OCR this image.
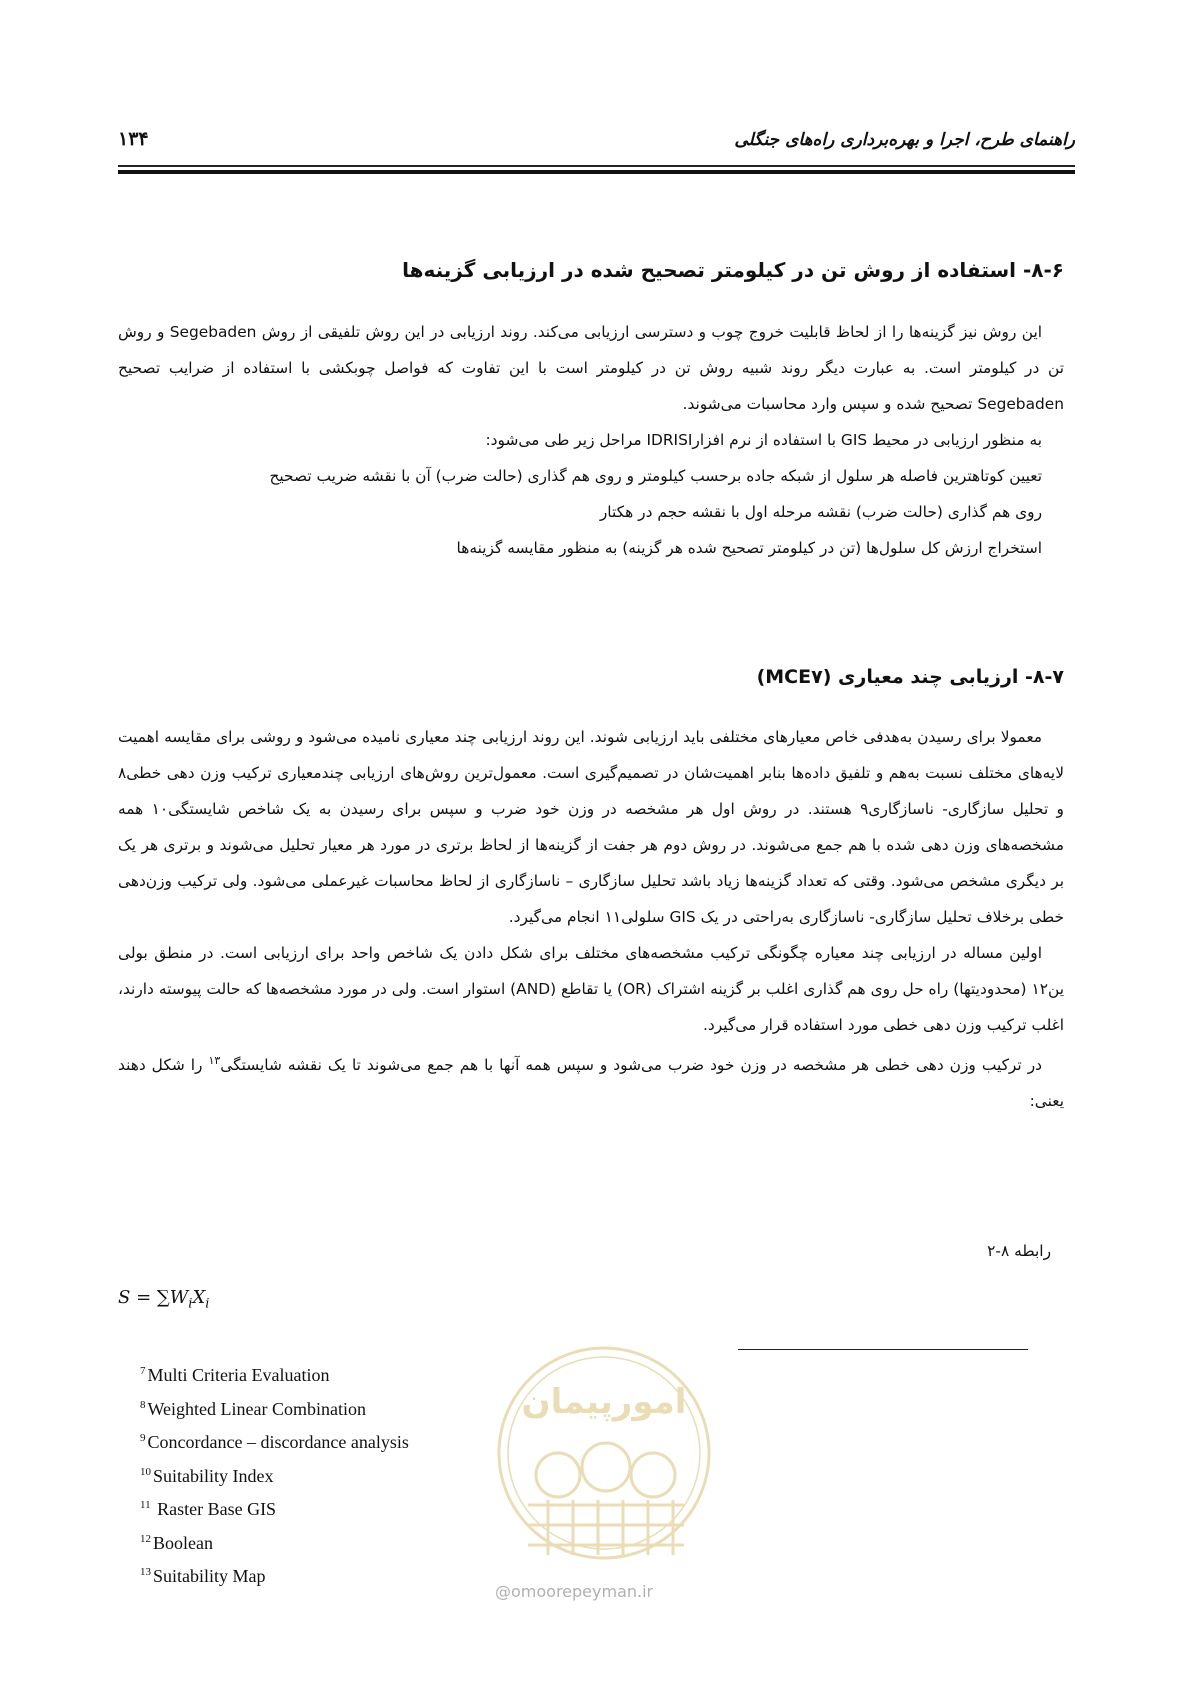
راهنمای طرح، اجرا و بهره‌برداری راه‌های جنگلی
۱۳۴
۸-۶- استفاده از روش تن در کیلومتر تصحیح شده در ارزیابی گزینه‌ها

این روش نیز گزینه‌ها را از لحاظ قابلیت خروج چوب و دسترسی ارزیابی می‌کند. روند ارزیابی در این روش تلفیقی از روش Segebaden و روش تن در کیلومتر است. به عبارت دیگر روند شبیه روش تن در کیلومتر است با این تفاوت که فواصل چوبکشی با استفاده از ضرایب تصحیح Segebaden تصحیح شده و سپس وارد محاسبات می‌شوند.

به منظور ارزیابی در محیط GIS با استفاده از نرم افزارIDRISI مراحل زیر طی می‌شود:

تعیین کوتاهترین فاصله هر سلول از شبکه جاده برحسب کیلومتر و روی هم گذاری (حالت ضرب) آن با نقشه ضریب تصحیح

روی هم گذاری (حالت ضرب) نقشه مرحله اول با نقشه حجم در هکتار

استخراج ارزش کل سلول‌ها (تن در کیلومتر تصحیح شده هر گزینه) به منظور مقایسه گزینه‌ها

۸-۷- ارزیابی چند معیاری (MCE۷)

معمولا برای رسیدن به‌هدفی خاص معیارهای مختلفی باید ارزیابی شوند. این روند ارزیابی چند معیاری نامیده می‌شود و روشی برای مقایسه اهمیت لایه‌های مختلف نسبت به‌هم و تلفیق داده‌ها بنابر اهمیت‌شان در تصمیم‌گیری است. معمول‌ترین روش‌های ارزیابی چندمعیاری ترکیب وزن دهی خطی۸ و تحلیل سازگاری- ناسازگاری۹ هستند. در روش اول هر مشخصه در وزن خود ضرب و سپس برای رسیدن به یک شاخص شایستگی۱۰ همه مشخصه‌های وزن دهی شده با هم جمع می‌شوند. در روش دوم هر جفت از گزینه‌ها از لحاظ برتری در مورد هر معیار تحلیل می‌شوند و برتری هر یک بر دیگری مشخص می‌شود. وقتی که تعداد گزینه‌ها زیاد باشد تحلیل سازگاری – ناسازگاری از لحاظ محاسبات غیرعملی می‌شود. ولی ترکیب وزن‌دهی خطی برخلاف تحلیل سازگاری- ناسازگاری به‌راحتی در یک GIS سلولی۱۱ انجام می‌گیرد.

اولین مساله در ارزیابی چند معیاره چگونگی ترکیب مشخصه‌های مختلف برای شکل دادن یک شاخص واحد برای ارزیابی است. در منطق بولی ین۱۲ (محدودیتها) راه حل روی هم گذاری اغلب بر گزینه اشتراک (OR) یا تقاطع (AND) استوار است. ولی در مورد مشخصه‌ها که حالت پیوسته دارند، اغلب ترکیب وزن دهی خطی مورد استفاده قرار می‌گیرد.

در ترکیب وزن دهی خطی هر مشخصه در وزن خود ضرب می‌شود و سپس همه آنها با هم جمع می‌شوند تا یک نقشه شایستگی$^{۱۳}$ را شکل دهند یعنی:

رابطه ۸-۲
$S = \sum W_iX_i$
$^7$ Multi Criteria Evaluation
$^8$ Weighted Linear Combination
$^9$ Concordance – discordance analysis
$^{10}$ Suitability Index
$^{11}$ Raster Base GIS
$^{12}$ Boolean
$^{13}$ Suitability Map
امورپیمان
@omoorepeyman.ir
